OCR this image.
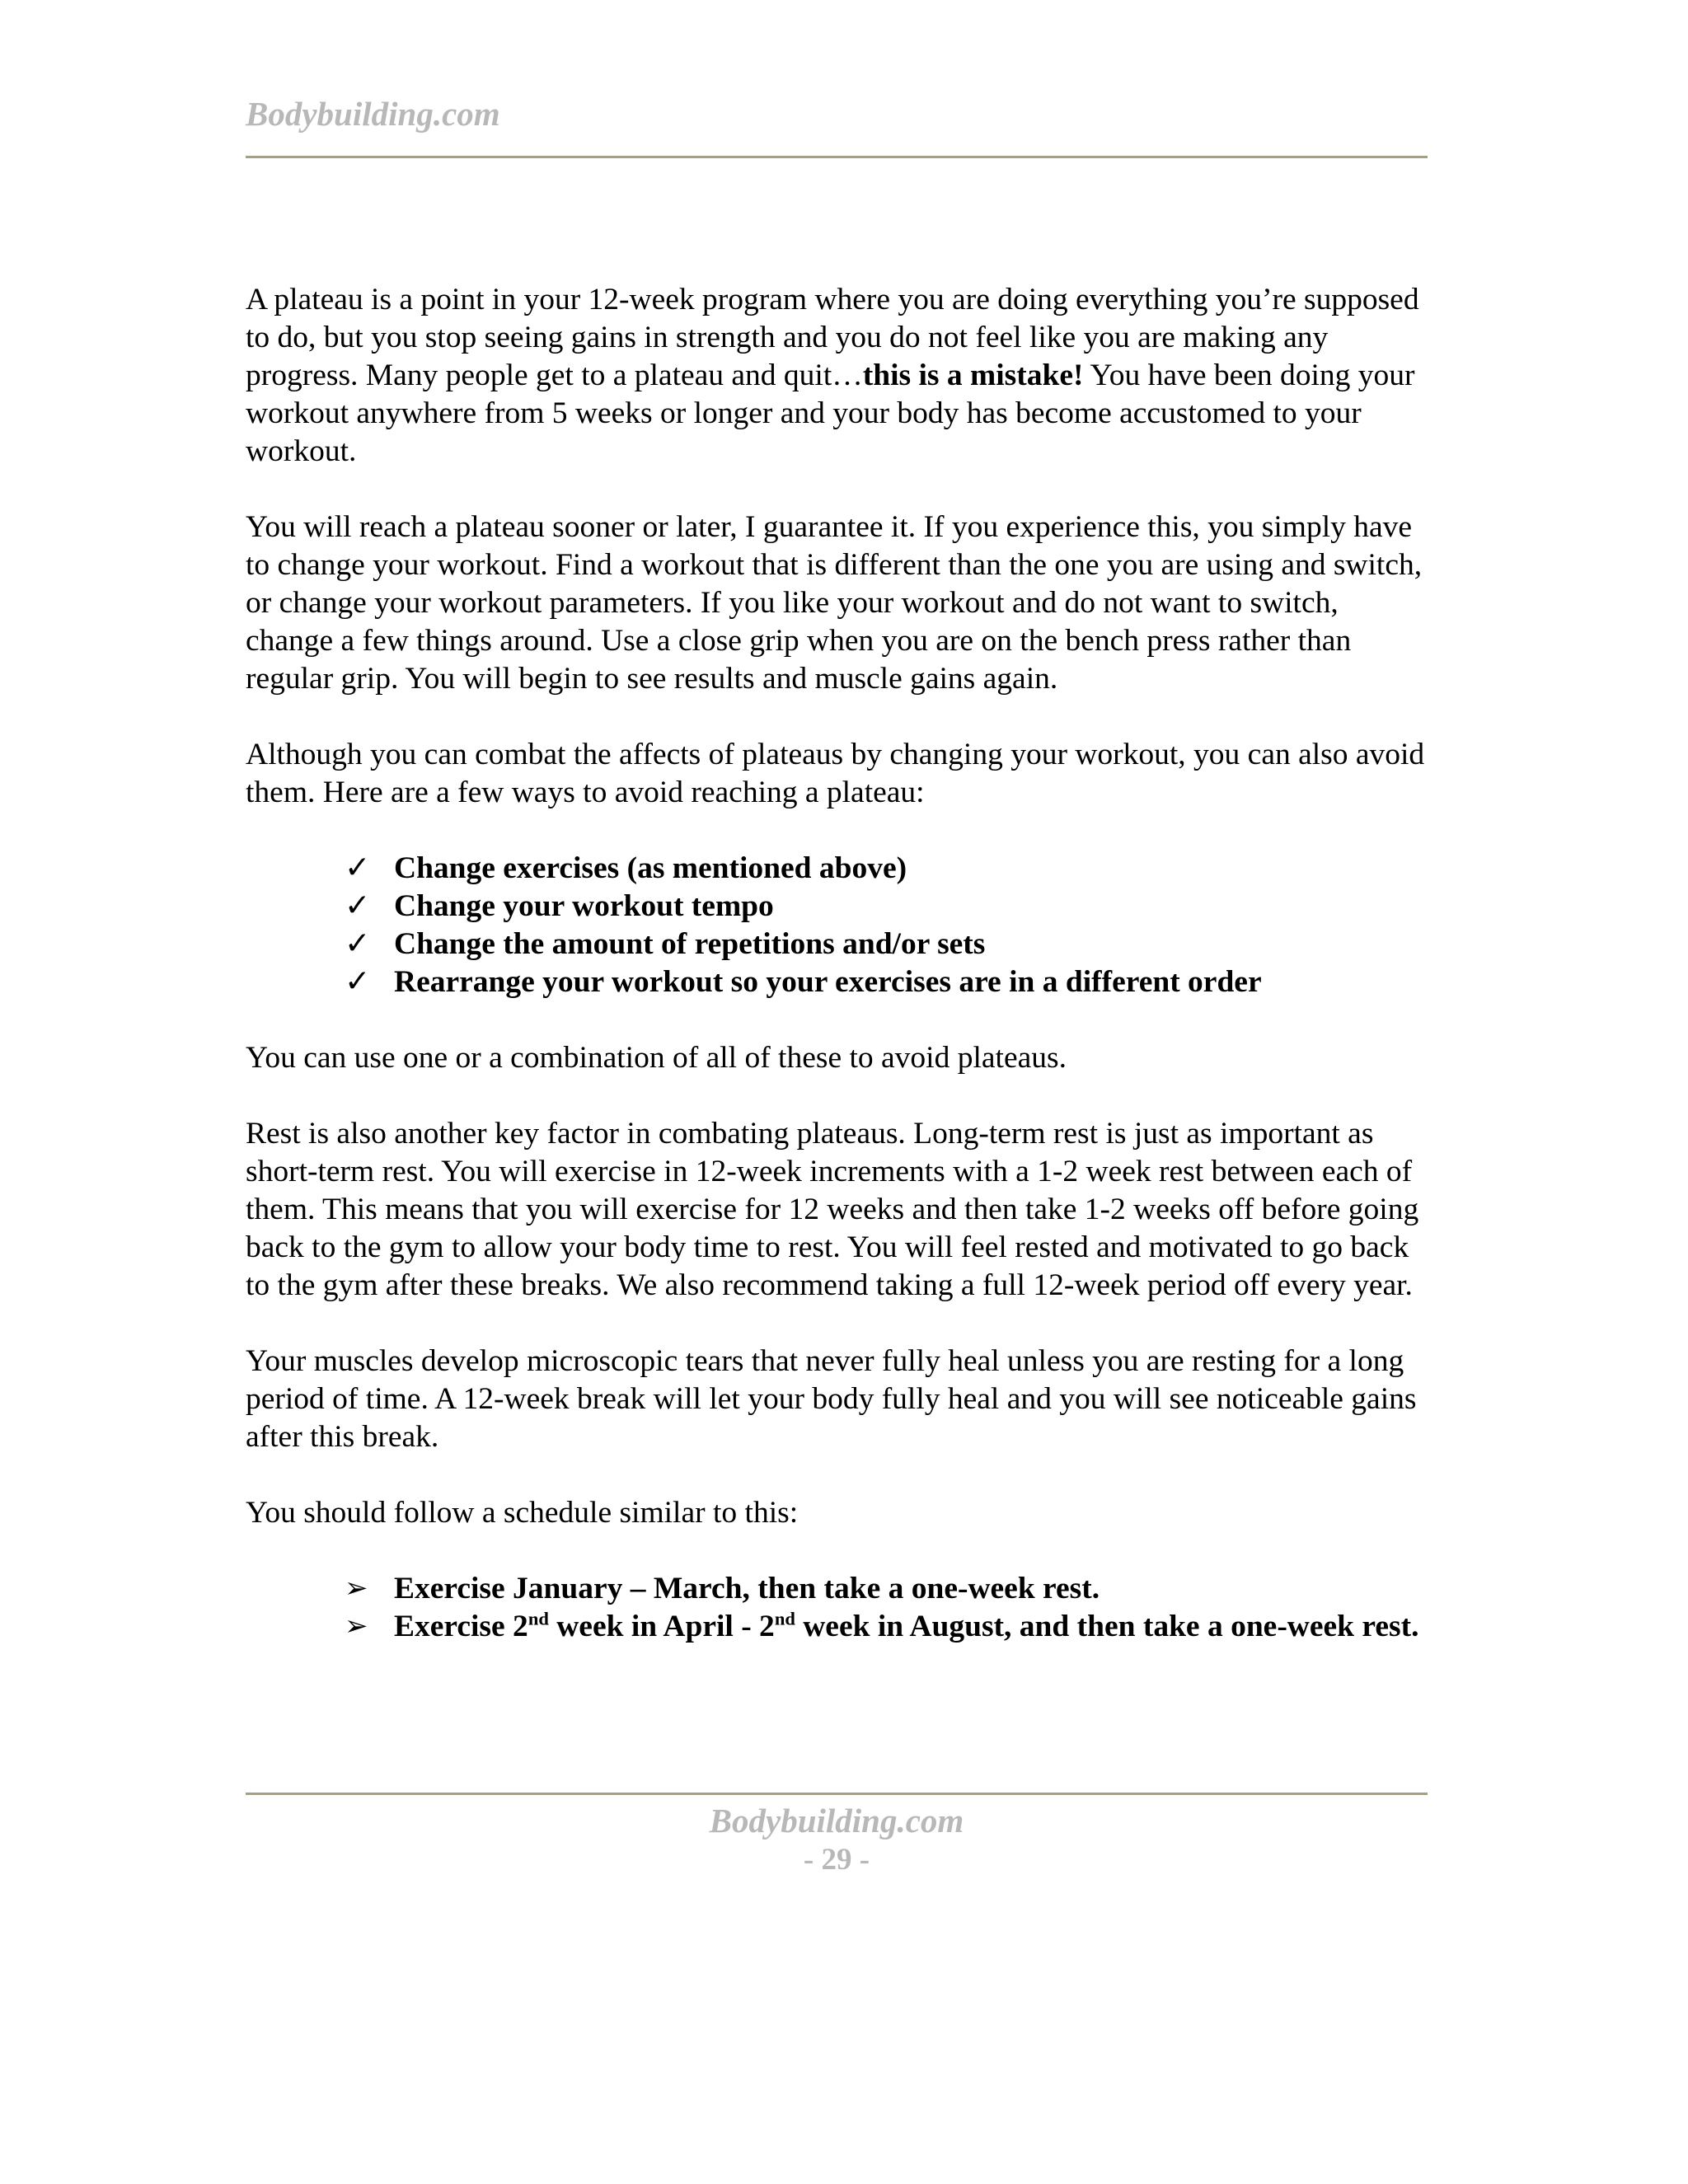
Bodybuilding.com

A plateau is a point in your 12-week program where you are doing everything you’re supposed to do, but you stop seeing gains in strength and you do not feel like you are making any progress. Many people get to a plateau and quit…this is a mistake! You have been doing your workout anywhere from 5 weeks or longer and your body has become accustomed to your workout.

You will reach a plateau sooner or later, I guarantee it. If you experience this, you simply have to change your workout. Find a workout that is different than the one you are using and switch, or change your workout parameters. If you like your workout and do not want to switch, change a few things around. Use a close grip when you are on the bench press rather than regular grip. You will begin to see results and muscle gains again.

Although you can combat the affects of plateaus by changing your workout, you can also avoid them. Here are a few ways to avoid reaching a plateau:

✓ Change exercises (as mentioned above)
✓ Change your workout tempo
✓ Change the amount of repetitions and/or sets
✓ Rearrange your workout so your exercises are in a different order

You can use one or a combination of all of these to avoid plateaus.

Rest is also another key factor in combating plateaus. Long-term rest is just as important as short-term rest. You will exercise in 12-week increments with a 1-2 week rest between each of them. This means that you will exercise for 12 weeks and then take 1-2 weeks off before going back to the gym to allow your body time to rest. You will feel rested and motivated to go back to the gym after these breaks. We also recommend taking a full 12-week period off every year.

Your muscles develop microscopic tears that never fully heal unless you are resting for a long period of time. A 12-week break will let your body fully heal and you will see noticeable gains after this break.

You should follow a schedule similar to this:

➢ Exercise January – March, then take a one-week rest.
➢ Exercise 2nd week in April - 2nd week in August, and then take a one-week rest.
Bodybuilding.com
- 29 -
